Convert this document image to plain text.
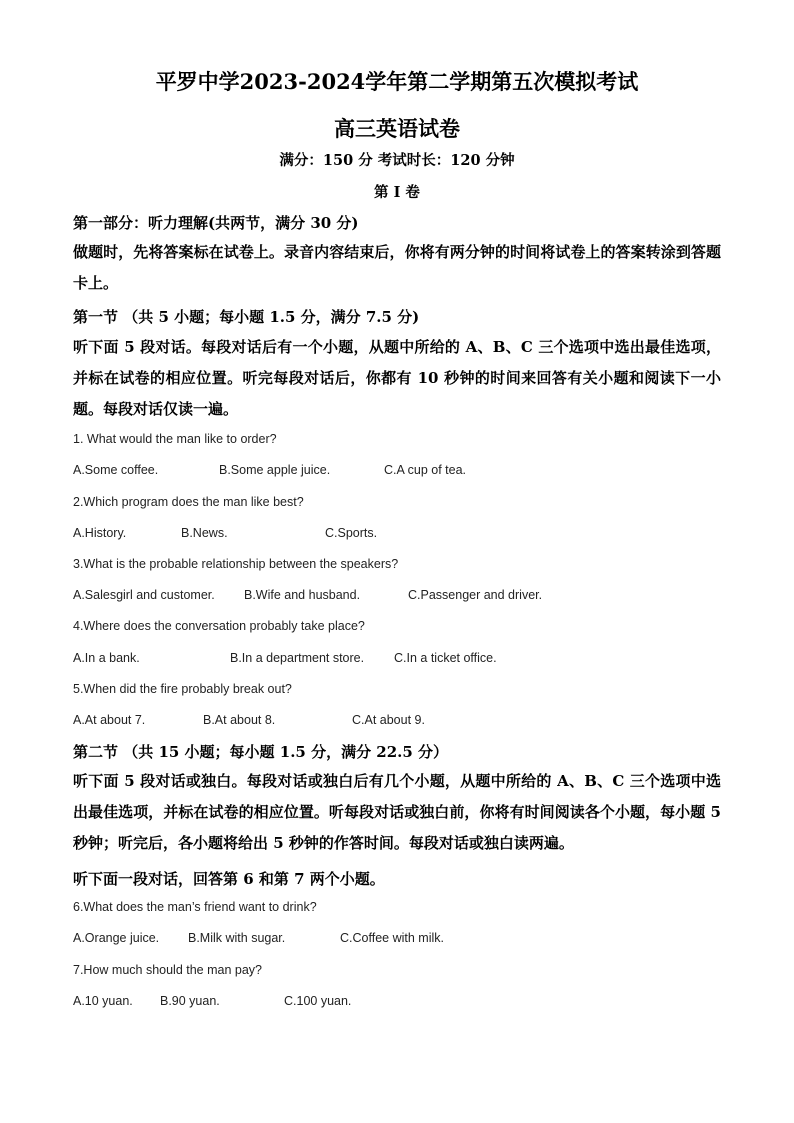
平罗中学2023-2024学年第二学期第五次模拟考试
高三英语试卷
满分：150 分 考试时长：120 分钟
第 I 卷
第一部分：听力理解(共两节，满分 30 分)
做题时，先将答案标在试卷上。录音内容结束后，你将有两分钟的时间将试卷上的答案转涂到答题卡上。
第一节 （共 5 小题；每小题 1.5 分，满分 7.5 分)
听下面 5 段对话。每段对话后有一个小题，从题中所给的 A、B、C 三个选项中选出最佳选项，并标在试卷的相应位置。听完每段对话后，你都有 10 秒钟的时间来回答有关小题和阅读下一小题。每段对话仅读一遍。
1. What would the man like to order?
A.Some coffee.	B.Some apple juice.	C.A cup of tea.
2.Which program does the man like best?
A.History.	B.News.	C.Sports.
3.What is the probable relationship between the speakers?
A.Salesgirl and customer. B.Wife and husband.	C.Passenger and driver.
4.Where does the conversation probably take place?
A.In a bank.	B.In a department store. C.In a ticket office.
5.When did the fire probably break out?
A.At about 7.	B.At about 8.	C.At about 9.
第二节 （共 15 小题；每小题 1.5 分，满分 22.5 分）
听下面 5 段对话或独白。每段对话或独白后有几个小题，从题中所给的 A、B、C 三个选项中选出最佳选项，并标在试卷的相应位置。听每段对话或独白前，你将有时间阅读各个小题，每小题 5 秒钟；听完后，各小题将给出 5 秒钟的作答时间。每段对话或独白读两遍。
听下面一段对话，回答第 6 和第 7 两个小题。
6.What does the man’s friend want to drink?
A.Orange juice. B.Milk with sugar.	C.Coffee with milk.
7.How much should the man pay?
A.10 yuan. B.90 yuan.	C.100 yuan.
